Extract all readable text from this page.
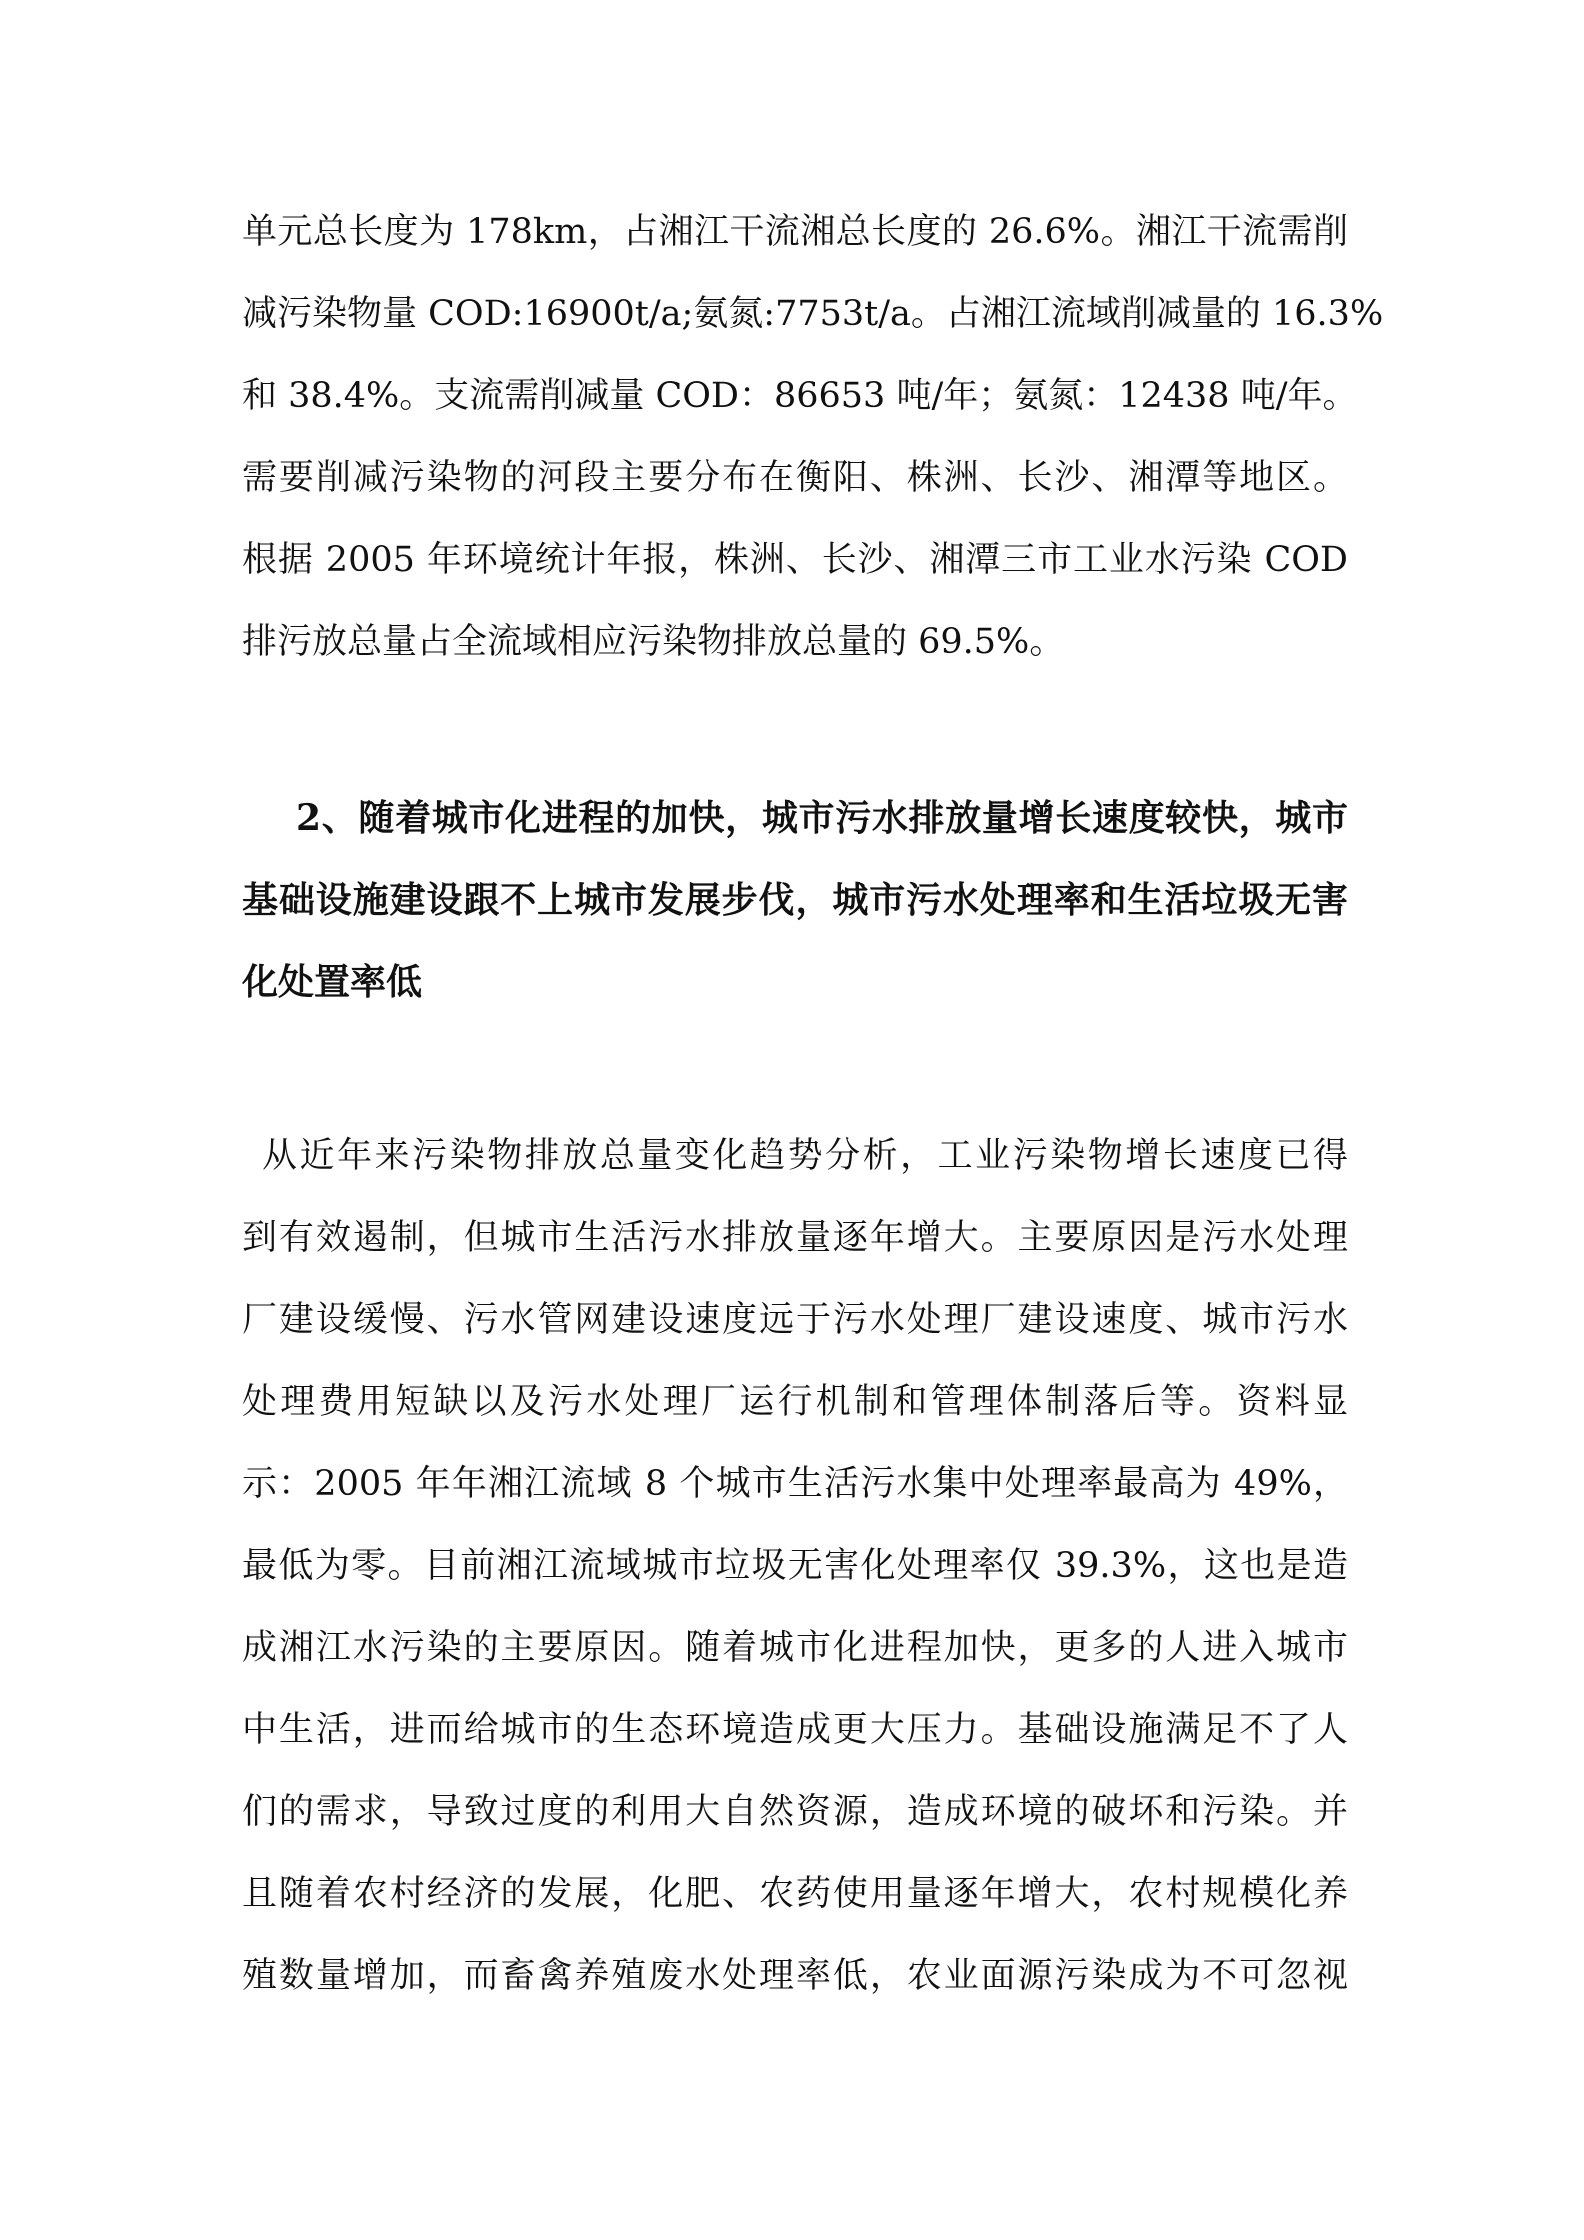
单元总长度为 178km，占湘江干流湘总长度的 26.6%。湘江干流需削
减污染物量 COD:16900t/a;氨氮:7753t/a。占湘江流域削减量的 16.3%
和 38.4%。支流需削减量 COD：86653 吨/年；氨氮：12438 吨/年。
需要削减污染物的河段主要分布在衡阳、株洲、长沙、湘潭等地区。
根据 2005 年环境统计年报，株洲、长沙、湘潭三市工业水污染 COD
排污放总量占全流域相应污染物排放总量的 69.5%。
2、随着城市化进程的加快，城市污水排放量增长速度较快，城市
基础设施建设跟不上城市发展步伐，城市污水处理率和生活垃圾无害
化处置率低
从近年来污染物排放总量变化趋势分析，工业污染物增长速度已得
到有效遏制，但城市生活污水排放量逐年增大。主要原因是污水处理
厂建设缓慢、污水管网建设速度远于污水处理厂建设速度、城市污水
处理费用短缺以及污水处理厂运行机制和管理体制落后等。资料显
示：2005 年年湘江流域 8 个城市生活污水集中处理率最高为 49%，
最低为零。目前湘江流域城市垃圾无害化处理率仅 39.3%，这也是造
成湘江水污染的主要原因。随着城市化进程加快，更多的人进入城市
中生活，进而给城市的生态环境造成更大压力。基础设施满足不了人
们的需求，导致过度的利用大自然资源，造成环境的破坏和污染。并
且随着农村经济的发展，化肥、农药使用量逐年增大，农村规模化养
殖数量增加，而畜禽养殖废水处理率低，农业面源污染成为不可忽视
